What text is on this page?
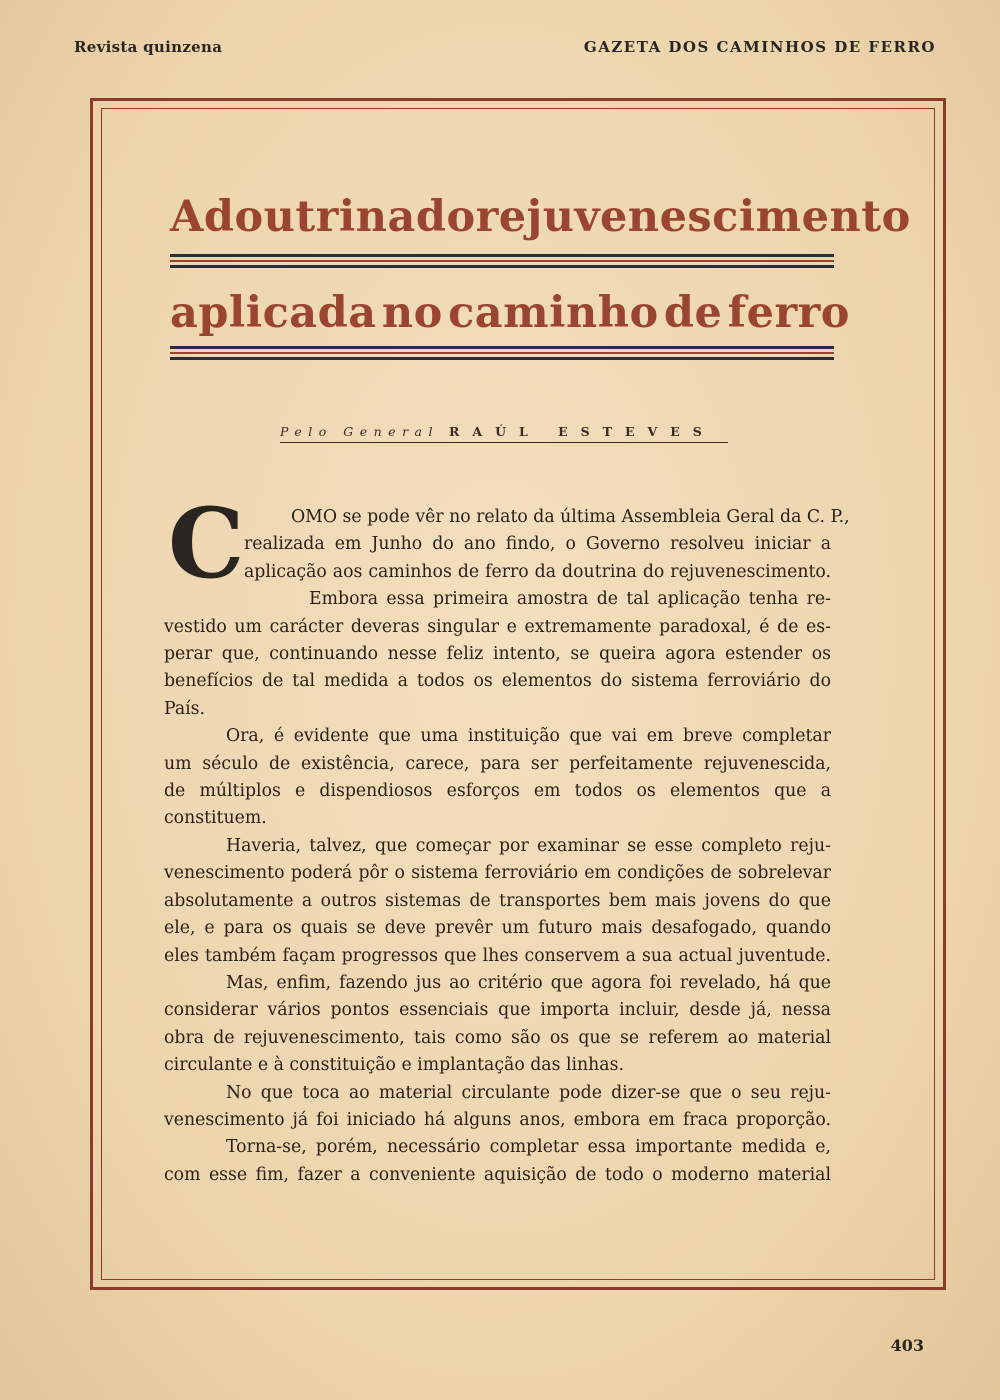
Revista quinzena	GAZETA DOS CAMINHOS DE FERRO
A doutrina do rejuvenescimento
aplicada no caminho de ferro
Pelo General RAÚL ESTEVES
C	OMO se pode vêr no relato da última Assembleia Geral da C. P.,
realizada em Junho do ano findo, o Governo resolveu iniciar a
aplicação aos caminhos de ferro da doutrina do rejuvenescimento.
Embora essa primeira amostra de tal aplicação tenha re-
vestido um carácter deveras singular e extremamente paradoxal, é de es-
perar que, continuando nesse feliz intento, se queira agora estender os
benefícios de tal medida a todos os elementos do sistema ferroviário do
País.
Ora, é evidente que uma instituição que vai em breve completar
um século de existência, carece, para ser perfeitamente rejuvenescida,
de múltiplos e dispendiosos esforços em todos os elementos que a
constituem.
Haveria, talvez, que começar por examinar se esse completo reju-
venescimento poderá pôr o sistema ferroviário em condições de sobrelevar
absolutamente a outros sistemas de transportes bem mais jovens do que
ele, e para os quais se deve prevêr um futuro mais desafogado, quando
eles também façam progressos que lhes conservem a sua actual juventude.
Mas, enfim, fazendo jus ao critério que agora foi revelado, há que
considerar vários pontos essenciais que importa incluir, desde já, nessa
obra de rejuvenescimento, tais como são os que se referem ao material
circulante e à constituição e implantação das linhas.
No que toca ao material circulante pode dizer-se que o seu reju-
venescimento já foi iniciado há alguns anos, embora em fraca proporção.
Torna-se, porém, necessário completar essa importante medida e,
com esse fim, fazer a conveniente aquisição de todo o moderno material
403
